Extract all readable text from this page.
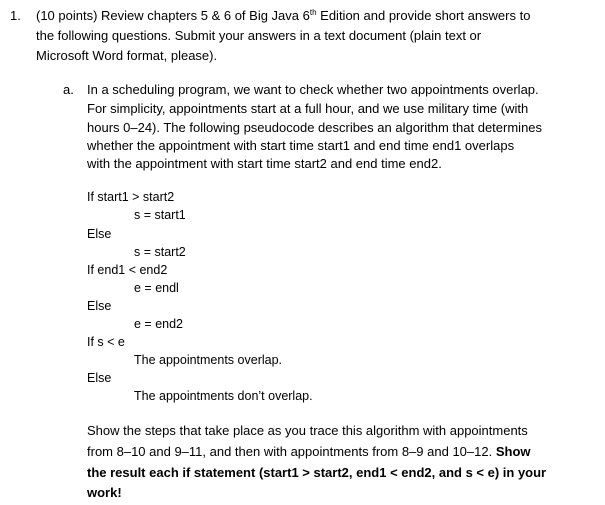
1. (10 points) Review chapters 5 & 6 of Big Java 6th Edition and provide short answers to
the following questions. Submit your answers in a text document (plain text or
Microsoft Word format, please).
a. In a scheduling program, we want to check whether two appointments overlap.
For simplicity, appointments start at a full hour, and we use military time (with
hours 0–24). The following pseudocode describes an algorithm that determines
whether the appointment with start time start1 and end time end1 overlaps
with the appointment with start time start2 and end time end2.
If start1 > start2
s = start1
Else
s = start2
If end1 < end2
e = endl
Else
e = end2
If s < e
The appointments overlap.
Else
The appointments don’t overlap.
Show the steps that take place as you trace this algorithm with appointments
from 8–10 and 9–11, and then with appointments from 8–9 and 10–12. Show
the result each if statement (start1 > start2, end1 < end2, and s < e) in your
work!
